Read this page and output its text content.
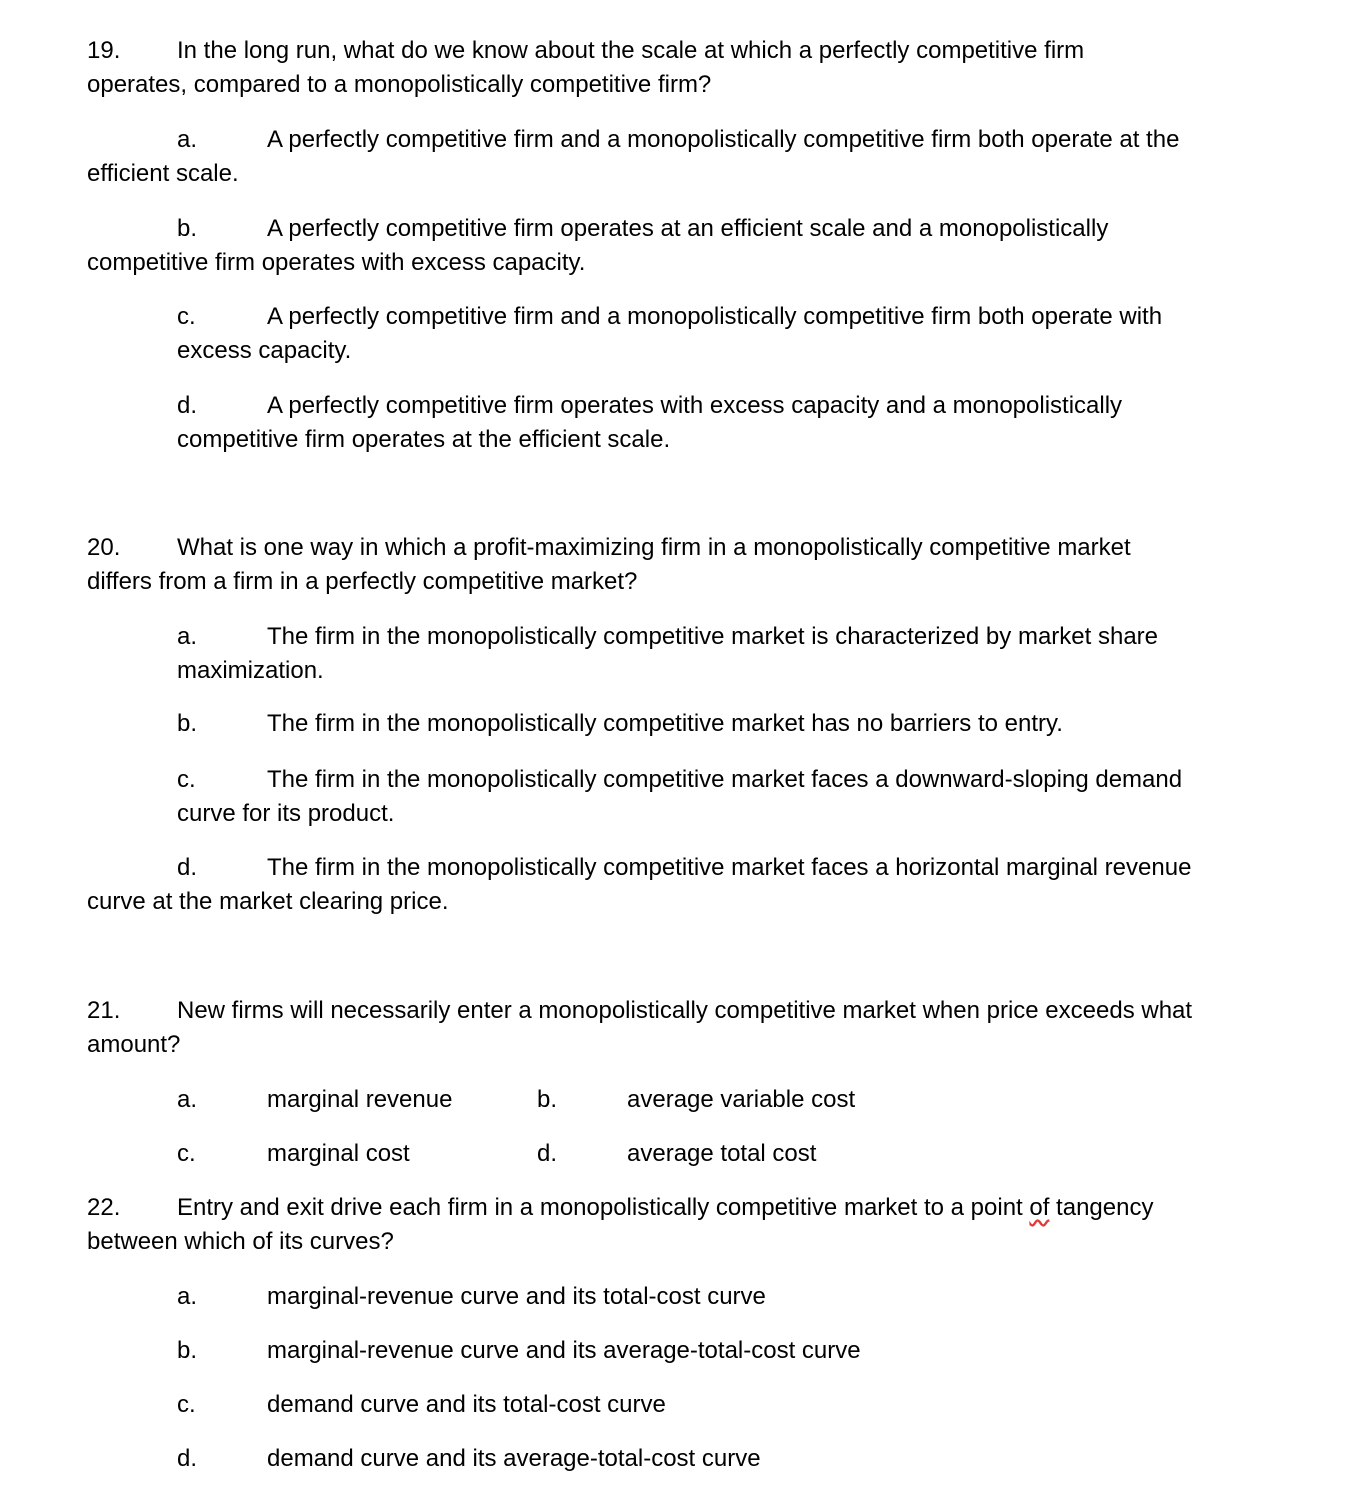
19. In the long run, what do we know about the scale at which a perfectly competitive firm
operates, compared to a monopolistically competitive firm?
a.	A perfectly competitive firm and a monopolistically competitive firm both operate at the
efficient scale.
b.	A perfectly competitive firm operates at an efficient scale and a monopolistically
competitive firm operates with excess capacity.
c.	A perfectly competitive firm and a monopolistically competitive firm both operate with
excess capacity.
d.	A perfectly competitive firm operates with excess capacity and a monopolistically
competitive firm operates at the efficient scale.
20. What is one way in which a profit-maximizing firm in a monopolistically competitive market
differs from a firm in a perfectly competitive market?
a.	The firm in the monopolistically competitive market is characterized by market share
maximization.
b.	The firm in the monopolistically competitive market has no barriers to entry.
c.	The firm in the monopolistically competitive market faces a downward-sloping demand
curve for its product.
d.	The firm in the monopolistically competitive market faces a horizontal marginal revenue
curve at the market clearing price.
21. New firms will necessarily enter a monopolistically competitive market when price exceeds what
amount?
a.	marginal revenue	b.	average variable cost
c.	marginal cost	d.	average total cost
22. Entry and exit drive each firm in a monopolistically competitive market to a point of tangency
between which of its curves?
a.	marginal-revenue curve and its total-cost curve
b.	marginal-revenue curve and its average-total-cost curve
c.	demand curve and its total-cost curve
d.	demand curve and its average-total-cost curve
